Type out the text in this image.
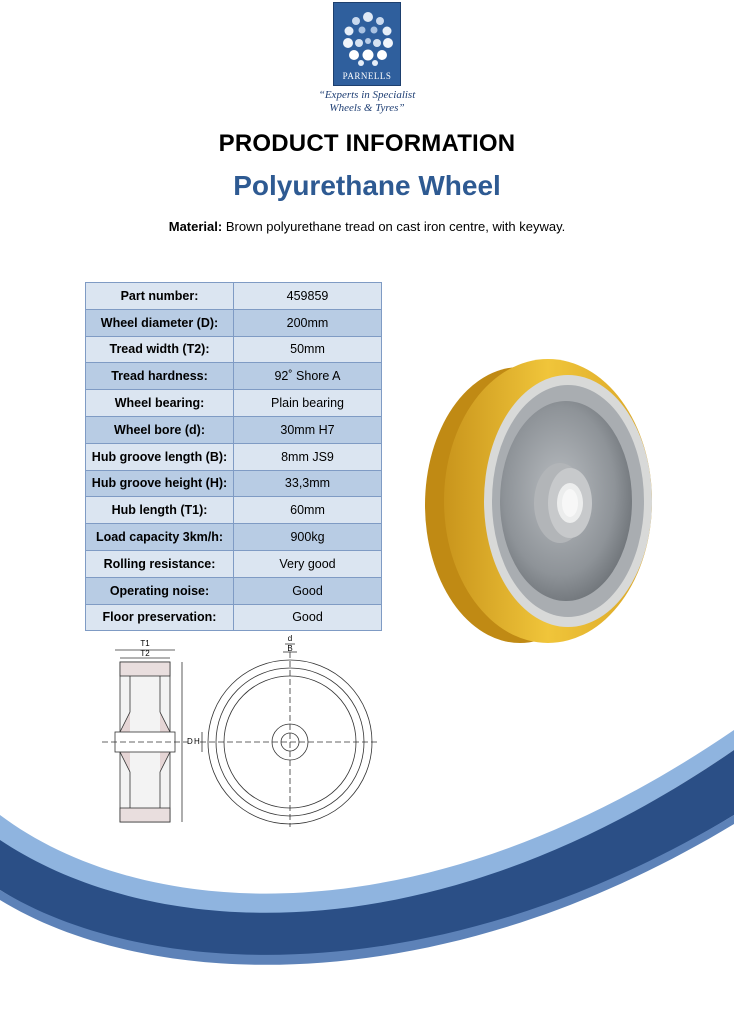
PARNELLS
“Experts in Specialist
Wheels & Tyres”
PRODUCT INFORMATION
Polyurethane Wheel
Material: Brown polyurethane tread on cast iron centre, with keyway.
Part number:	459859
Wheel diameter (D):	200mm
Tread width (T2):	50mm
Tread hardness:	92˚ Shore A
Wheel bearing:	Plain bearing
Wheel bore (d):	30mm H7
Hub groove length (B):	8mm JS9
Hub groove height (H):	33,3mm
Hub length (T1):	60mm
Load capacity 3km/h:	900kg
Rolling resistance:	Very good
Operating noise:	Good
Floor preservation:	Good
T1
T2
d
B
D H
